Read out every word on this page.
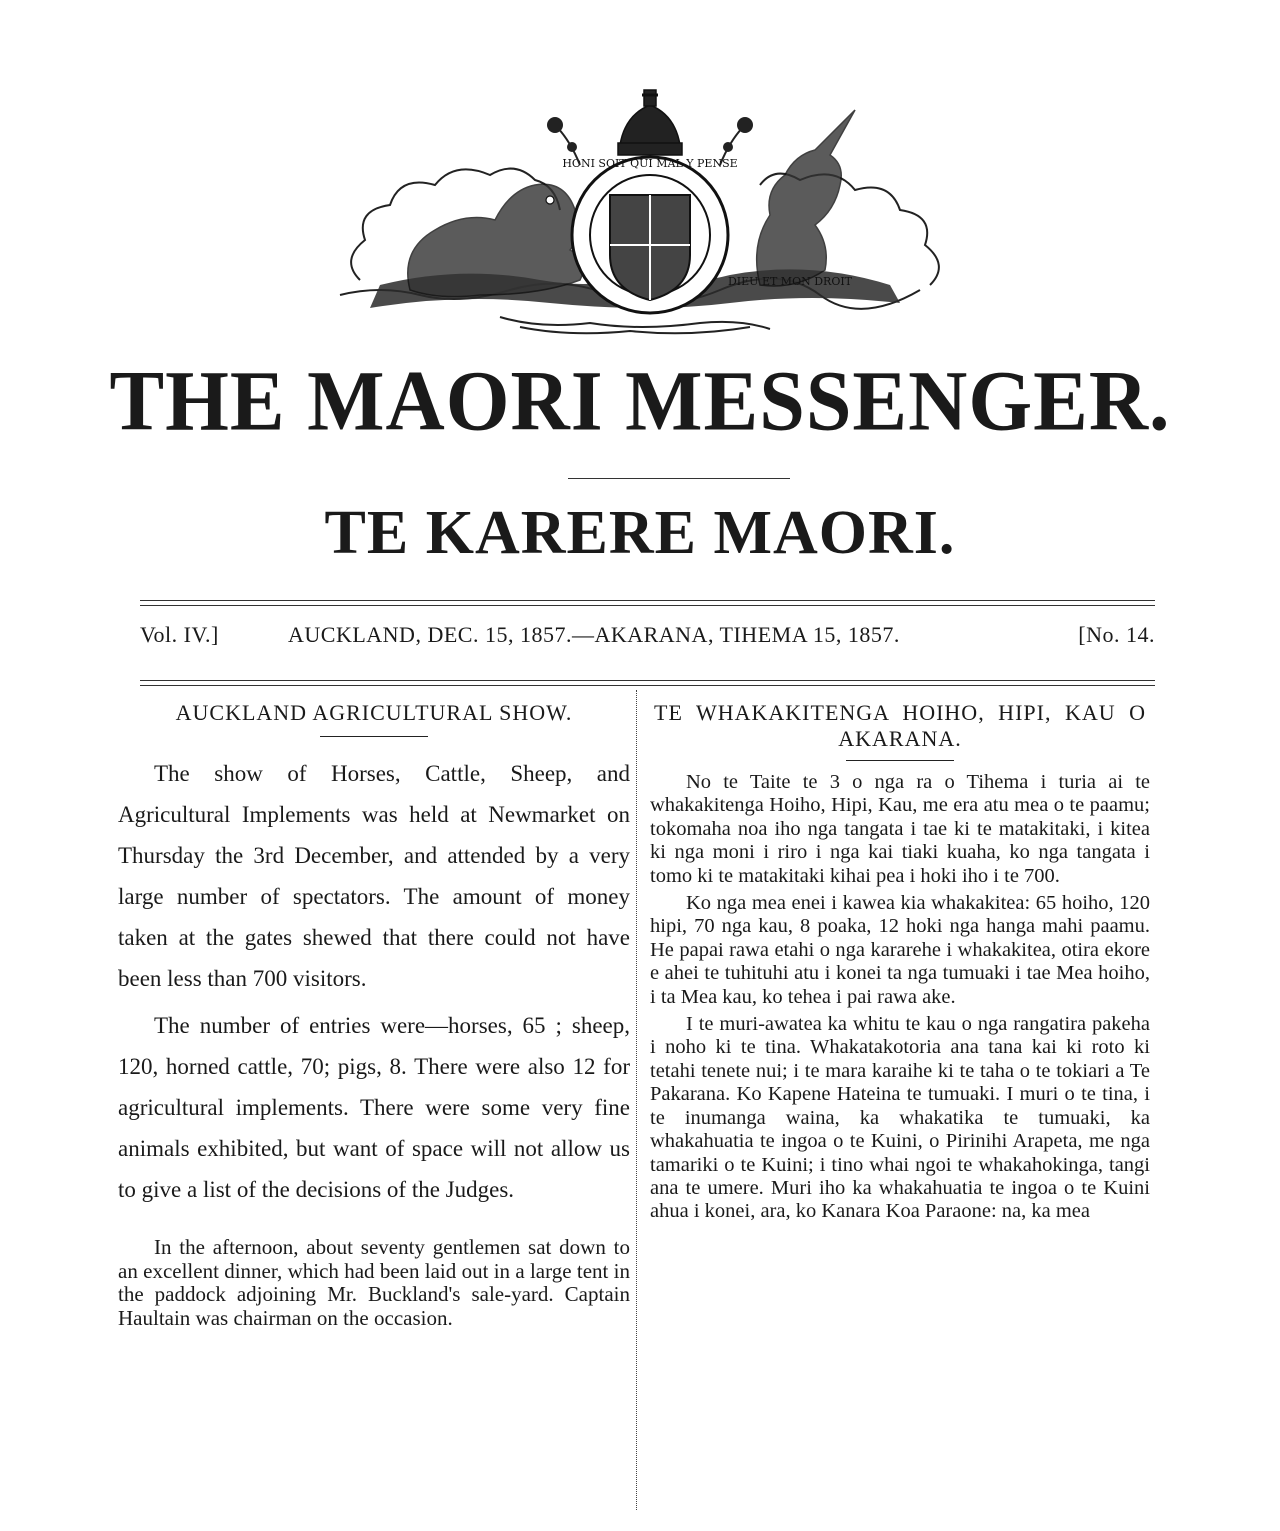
HONI SOIT QUI MAL Y PENSE
DIEU ET MON DROIT
THE MAORI MESSENGER.
TE KARERE MAORI.
Vol. IV.]	AUCKLAND, DEC. 15, 1857.—AKARANA, TIHEMA 15, 1857.	[No. 14.
AUCKLAND AGRICULTURAL SHOW.

The show of Horses, Cattle, Sheep, and Agricultural Implements was held at Newmarket on Thursday the 3rd December, and attended by a very large number of spectators. The amount of money taken at the gates shewed that there could not have been less than 700 visitors.

The number of entries were—horses, 65 ; sheep, 120, horned cattle, 70; pigs, 8. There were also 12 for agricultural implements. There were some very fine animals exhibited, but want of space will not allow us to give a list of the decisions of the Judges.

In the afternoon, about seventy gentlemen sat down to an excellent dinner, which had been laid out in a large tent in the paddock adjoining Mr. Buckland's sale-yard. Captain Haultain was chairman on the occasion.

TE WHAKAKITENGA HOIHO, HIPI, KAU O AKARANA.

No te Taite te 3 o nga ra o Tihema i turia ai te whakakitenga Hoiho, Hipi, Kau, me era atu mea o te paamu; tokomaha noa iho nga tangata i tae ki te matakitaki, i kitea ki nga moni i riro i nga kai tiaki kuaha, ko nga tangata i tomo ki te matakitaki kihai pea i hoki iho i te 700.

Ko nga mea enei i kawea kia whakakitea: 65 hoiho, 120 hipi, 70 nga kau, 8 poaka, 12 hoki nga hanga mahi paamu. He papai rawa etahi o nga kararehe i whakakitea, otira ekore e ahei te tuhituhi atu i konei ta nga tumuaki i tae Mea hoiho, i ta Mea kau, ko tehea i pai rawa ake.

I te muri-awatea ka whitu te kau o nga rangatira pakeha i noho ki te tina. Whakatakotoria ana tana kai ki roto ki tetahi tenete nui; i te mara karaihe ki te taha o te tokiari a Te Pakarana. Ko Kapene Hateina te tumuaki. I muri o te tina, i te inumanga waina, ka whakatika te tumuaki, ka whakahuatia te ingoa o te Kuini, o Pirinihi Arapeta, me nga tamariki o te Kuini; i tino whai ngoi te whakahokinga, tangi ana te umere. Muri iho ka whakahuatia te ingoa o te Kuini ahua i konei, ara, ko Kanara Koa Paraone: na, ka mea
